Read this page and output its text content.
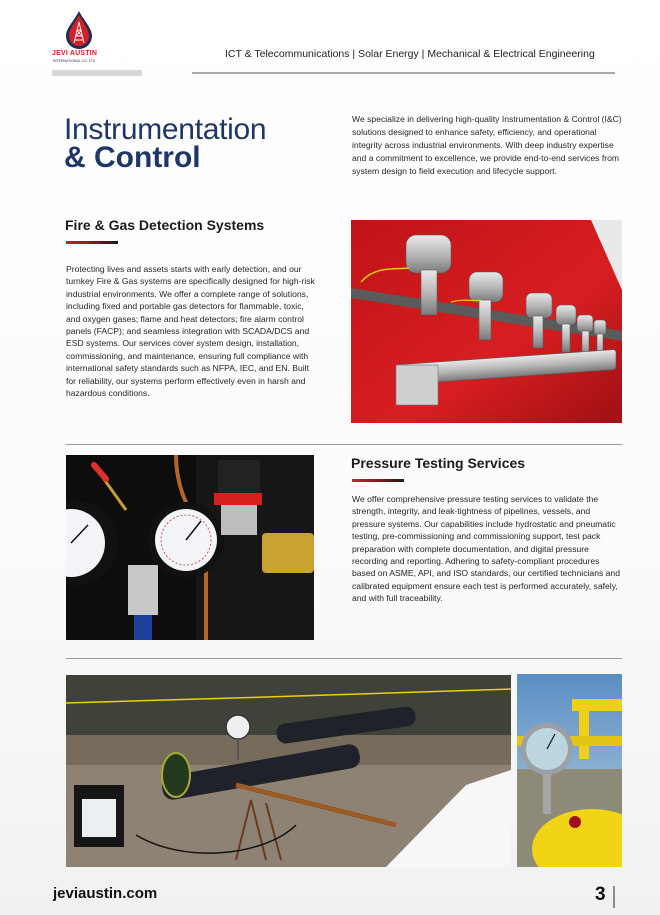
JEVI AUSTIN
INTERNATIONAL CO. LTD
ICT & Telecommunications | Solar Energy | Mechanical & Electrical Engineering
Instrumentation
& Control
We specialize in delivering high-quality Instrumentation & Control (I&C) solutions designed to enhance safety, efficiency, and operational integrity across industrial environments. With deep industry expertise and a commitment to excellence, we provide end-to-end services from system design to field execution and lifecycle support.
Fire & Gas Detection Systems
Protecting lives and assets starts with early detection, and our turnkey Fire & Gas systems are specifically designed for high-risk industrial environments. We offer a complete range of solutions, including fixed and portable gas detectors for flammable, toxic, and oxygen gases; flame and heat detectors; fire alarm control panels (FACP); and seamless integration with SCADA/DCS and ESD systems. Our services cover system design, installation, commissioning, and maintenance, ensuring full compliance with international safety standards such as NFPA, IEC, and EN. Built for reliability, our systems perform effectively even in harsh and hazardous conditions.
Pressure Testing Services
We offer comprehensive pressure testing services to validate the strength, integrity, and leak-tightness of pipelines, vessels, and pressure systems. Our capabilities include hydrostatic and pneumatic testing, pre-commissioning and commissioning support, test pack preparation with complete documentation, and digital pressure recording and reporting. Adhering to safety-compliant procedures based on ASME, API, and ISO standards, our certified technicians and calibrated equipment ensure each test is performed accurately, safely, and with full traceability.
jeviaustin.com	3
